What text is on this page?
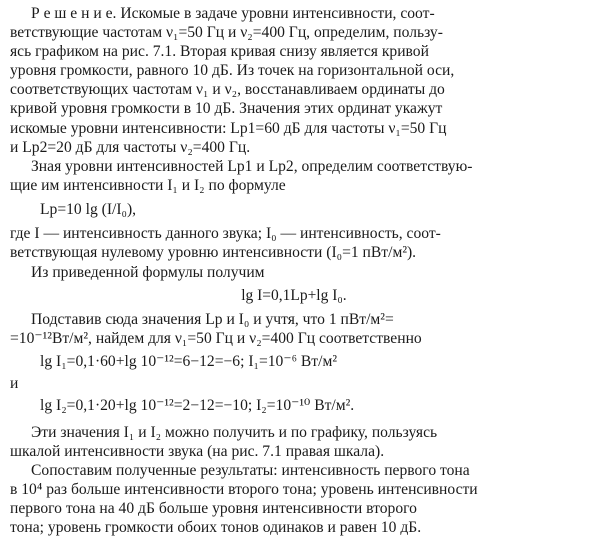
Р е ш е н и е. Искомые в задаче уровни интенсивности, соот-
ветствующие частотам ν₁=50 Гц и ν₂=400 Гц, определим, пользу-
ясь графиком на рис. 7.1. Вторая кривая снизу является кривой
уровня громкости, равного 10 дБ. Из точек на горизонтальной оси,
соответствующих частотам ν₁ и ν₂, восстанавливаем ординаты до
кривой уровня громкости в 10 дБ. Значения этих ординат укажут
искомые уровни интенсивности: Lp1=60 дБ для частоты ν₁=50 Гц
и Lp2=20 дБ для частоты ν₂=400 Гц.
Зная уровни интенсивностей Lp1 и Lp2, определим соответствую-
щие им интенсивности I₁ и I₂ по формуле
Lp=10 lg (I/I₀),
где I — интенсивность данного звука; I₀ — интенсивность, соот-
ветствующая нулевому уровню интенсивности (I₀=1 пВт/м²).
Из приведенной формулы получим
lg I=0,1Lp+lg I₀.
Подставив сюда значения Lp и I₀ и учтя, что 1 пВт/м²=
=10⁻¹²Вт/м², найдем для ν₁=50 Гц и ν₂=400 Гц соответственно
lg I₁=0,1·60+lg 10⁻¹²=6−12=−6; I₁=10⁻⁶ Вт/м²
и
lg I₂=0,1·20+lg 10⁻¹²=2−12=−10; I₂=10⁻¹⁰ Вт/м².
Эти значения I₁ и I₂ можно получить и по графику, пользуясь
шкалой интенсивности звука (на рис. 7.1 правая шкала).
Сопоставим полученные результаты: интенсивность первого тона
в 10⁴ раз больше интенсивности второго тона; уровень интенсивности
первого тона на 40 дБ больше уровня интенсивности второго
тона; уровень громкости обоих тонов одинаков и равен 10 дБ.
